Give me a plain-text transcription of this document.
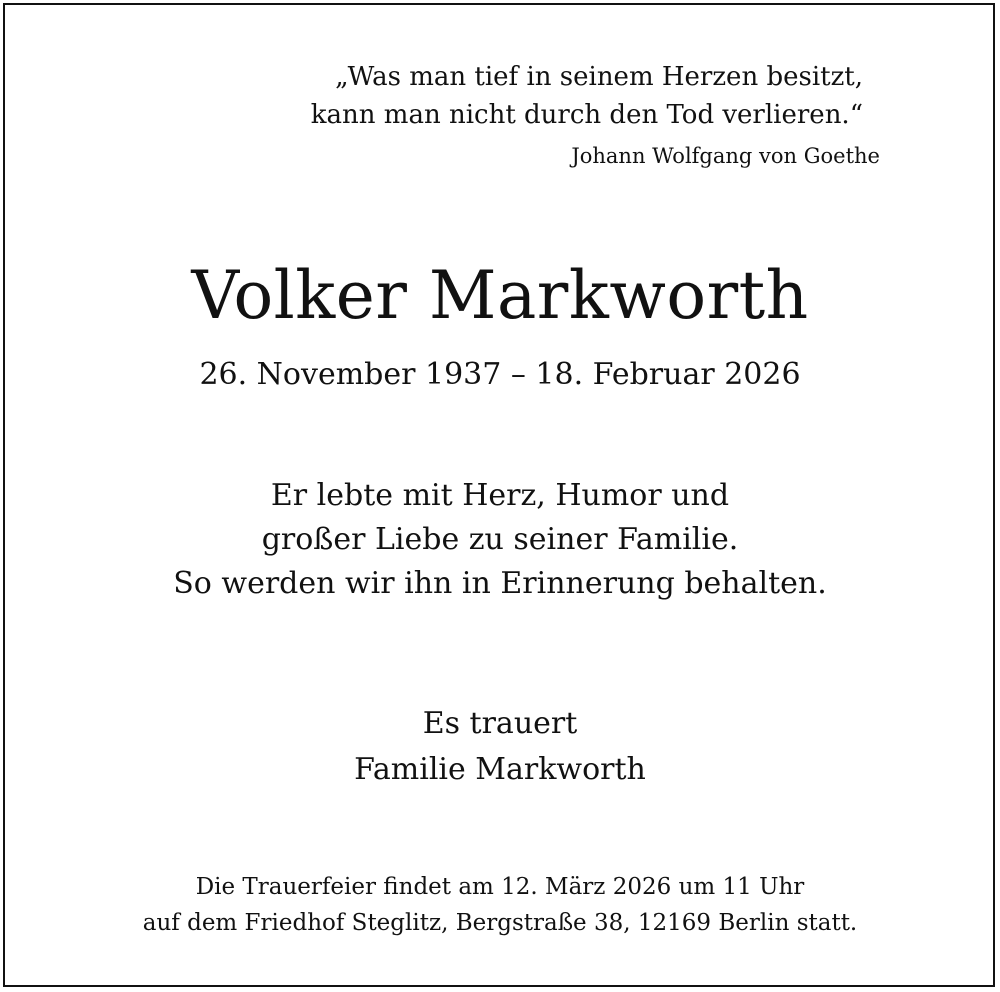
„Was man tief in seinem Herzen besitzt,
kann man nicht durch den Tod verlieren.“
Johann Wolfgang von Goethe
Volker Markworth
26. November 1937 – 18. Februar 2026
Er lebte mit Herz, Humor und
großer Liebe zu seiner Familie.
So werden wir ihn in Erinnerung behalten.
Es trauert
Familie Markworth
Die Trauerfeier findet am 12. März 2026 um 11 Uhr
auf dem Friedhof Steglitz, Bergstraße 38, 12169 Berlin statt.
